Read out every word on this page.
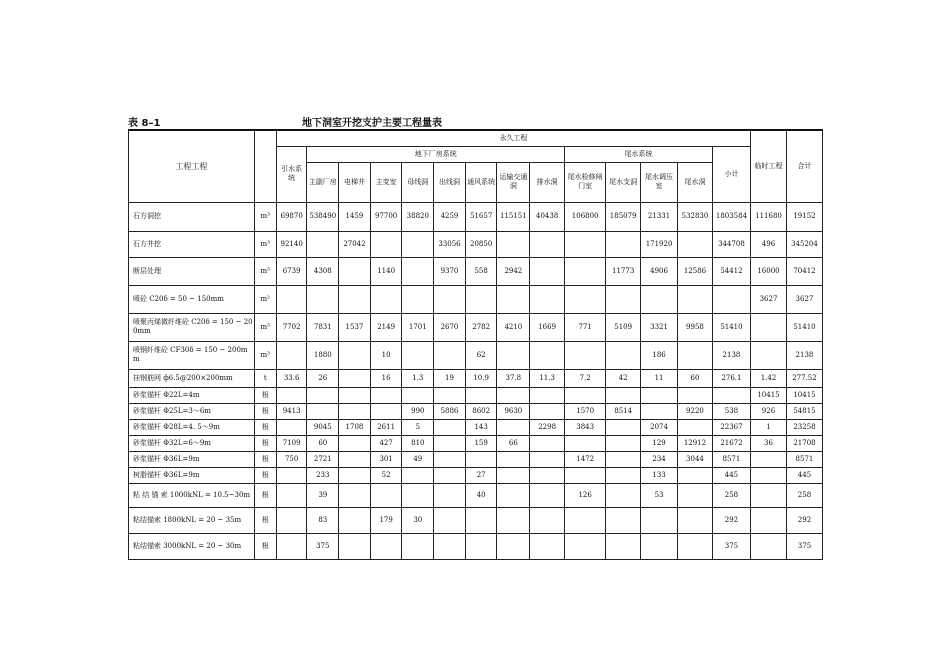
表 8–1	地下洞室开挖支护主要工程量表
工程工程		永久工程														临时工程	合计
		引水系统	地下厂房系统								尾水系统				小计		
			主副厂房	电梯井	主变室	母线洞	出线洞	通风系统	运输交通洞	排水洞	尾水检修闸门室	尾水支洞	尾水调压室	尾水洞			
石方洞挖	m³	69870	538490	1459	97700	38820	4259	51657	115151	40438	106800	185079	21331	532830	1803584	111680	19152
石方井挖	m³	92140		27042			33056	20850					171920		344708	496	345204
断层处理	m³	6739	4308		1140		9370	558	2942			11773	4906	12586	54412	16000	70412
喷砼 C20δ = 50 ~ 150mm	m²															3627	3627
喷聚丙烯微纤维砼 C20δ = 150 ~ 200mm	m³	7702	7831	1537	2149	1701	2670	2782	4210	1669	771	5109	3321	9958	51410		51410
喷钢纤维砼 CF30δ = 150 ~ 200mm	m³		1880		10			62					186		2138		2138
挂钢筋网 ф6.5@200×200mm	t	33.6	26		16	1.3	19	10.9	37.8	11.3	7.2	42	11	60	276.1	1.42	277.52
砂浆锚杆 Φ22L=4m	根															10415	10415
砂浆锚杆 Φ25L=3～6m	根	9413				990	5886	8602	9630		1570	8514		9220	538	926	54815
砂浆锚杆 Φ28L=4. 5～9m	根		9045	1708	2611	5		143		2298	3843		2074		22367	1	23258
砂浆锚杆 Φ32L=6～9m	根	7109	60		427	810		159	66				129	12912	21672	36	21708
砂浆锚杆 Φ36L=9m	根	750	2721		301	49					1472		234	3044	8571		8571
树脂锚杆 Φ36L=9m	根		233		52			27					133		445		445
粘 结 锚 索 1000kNL = 10.5~30m	根		39					40			126		53		258		258
粘结锚索 1800kNL = 20 ~ 35m	根		83		179	30									292		292
粘结锚索 3000kNL = 20 ~ 30m	根		375												375		375
